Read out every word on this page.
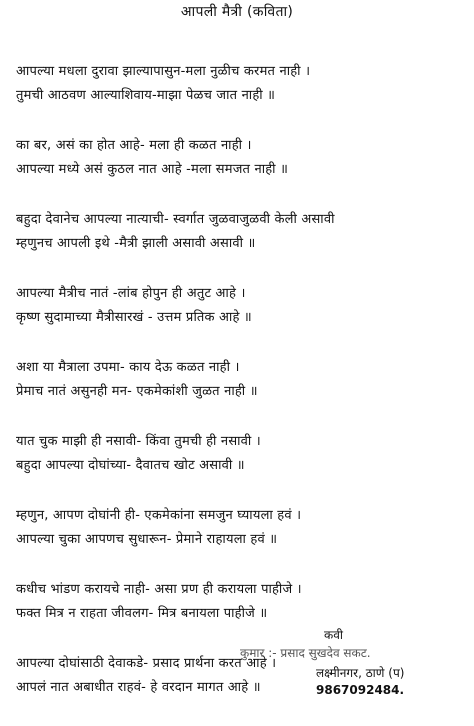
आपली मैत्री (कविता)
आपल्या मधला दुरावा झाल्यापासुन-मला नुळीच करमत नाही ।
तुमची आठवण आल्याशिवाय-माझा पेळच जात नाही ॥
का बर, असं का होत आहे- मला ही कळत नाही ।
आपल्या मध्ये असं कुठल नात आहे -मला समजत नाही ॥
बहुदा देवानेच आपल्या नात्याची- स्वर्गात जुळवाजुळवी केली असावी
म्हणुनच आपली इथे -मैत्री झाली असावी असावी ॥
आपल्या मैत्रीच नातं -लांब होपुन ही अतुट आहे ।
कृष्ण सुदामाच्या मैत्रीसारखं - उत्तम प्रतिक आहे ॥
अशा या मैत्राला उपमा- काय देऊ कळत नाही ।
प्रेमाच नातं असुनही मन- एकमेकांशी जुळत नाही ॥
यात चुक माझी ही नसावी- किंवा तुमची ही नसावी ।
बहुदा आपल्या दोघांच्या- दैवातच खोट असावी ॥
म्हणुन, आपण दोघांनी ही- एकमेकांना समजुन घ्यायला हवं ।
आपल्या चुका आपणच सुधारून- प्रेमाने राहायला हवं ॥
कधीच भांडण करायचे नाही- असा प्रण ही करायला पाहीजे ।
फक्त मित्र न राहता जीवलग- मित्र बनायला पाहीजे ॥
आपल्या दोघांसाठी देवाकडे- प्रसाद प्रार्थना करत आहे ।
आपलं नात अबाधीत राहवं- हे वरदान मागत आहे ॥
कवी
कुमार :- प्रसाद सुखदेव सकट.
लक्ष्मीनगर, ठाणे (प)
9867092484.
